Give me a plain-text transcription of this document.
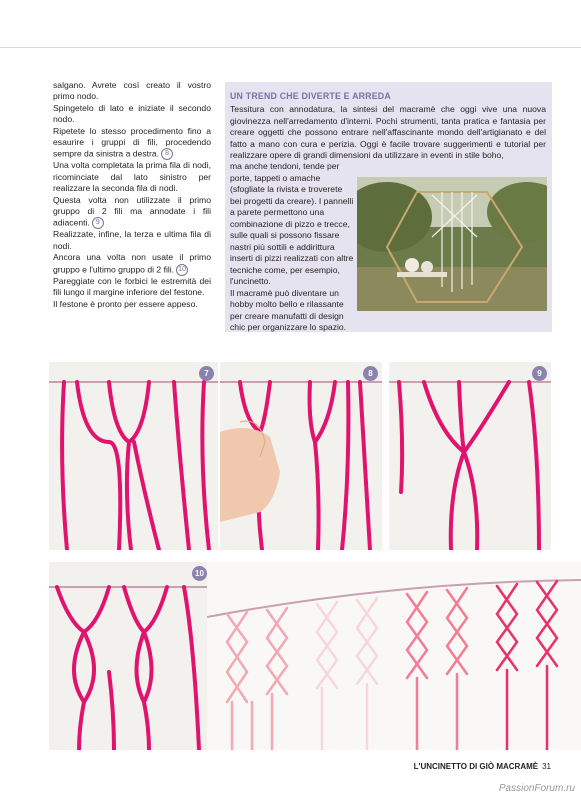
salgano. Avrete così creato il vostro primo nodo.

Spingetelo di lato e iniziate il secondo nodo.

Ripetete lo stesso procedimento fino a esaurire i gruppi di fili, procedendo sempre da sinistra a destra. 8

Una volta completata la prima fila di nodi, ricominciate dal lato sinistro per realizzare la seconda fila di nodi.

Questa volta non utilizzate il primo gruppo di 2 fili ma annodate i fili adiacenti. 9

Realizzate, infine, la terza e ultima fila di nodi.

Ancora una volta non usate il primo gruppo e l'ultimo gruppo di 2 fili. 10

Pareggiate con le forbici le estremità dei fili lungo il margine inferiore del festone.

Il festone è pronto per essere appeso.

UN TREND CHE DIVERTE E ARREDA
Tessitura con annodatura, la sintesi del macramè che oggi vive una nuova giovinezza nell'arredamento d'interni. Pochi strumenti, tanta pratica e fantasia per creare oggetti che possono entrare nell'affascinante mondo dell'artigianato e del fatto a mano con cura e perizia. Oggi è facile trovare suggerimenti e tutorial per realizzare opere di grandi dimensioni da utilizzare in eventi in stile boho,
ma anche tendoni, tende per porte, tappeti o amache (sfogliate la rivista e troverete bei progetti da creare). I pannelli a parete permettono una combinazione di pizzo e trecce, sulle quali si possono fissare nastri più sottili e addirittura inserti di pizzi realizzati con altre tecniche come, per esempio, l'uncinetto.
Il macramè può diventare un hobby molto bello e rilassante per creare manufatti di design chic per organizzare lo spazio.
7	8	9
10
L'UNCINETTO DI GIÒ MACRAMÈ 31
PassionForum.ru
